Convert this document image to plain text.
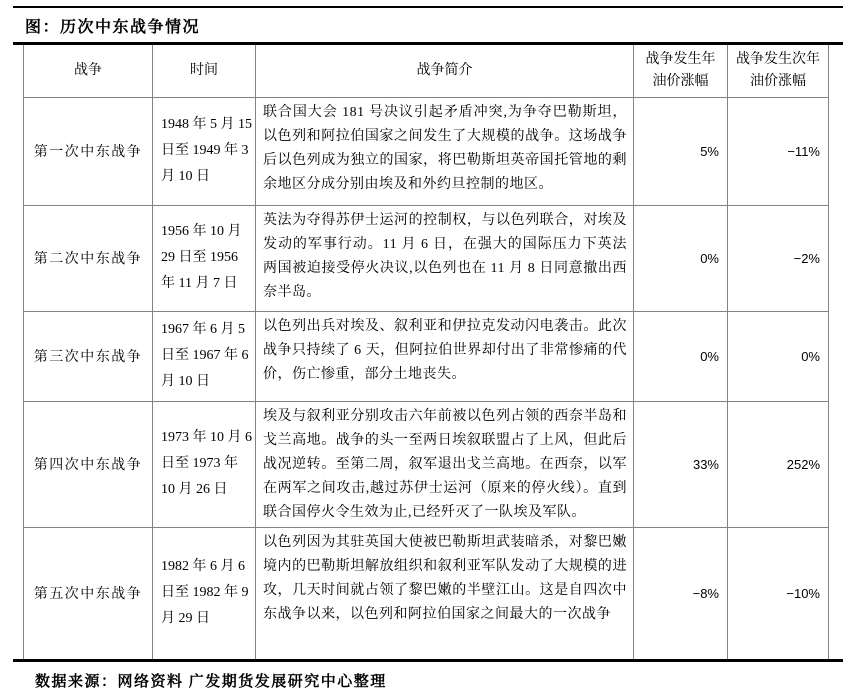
图：历次中东战争情况
战争	时间	战争简介	战争发生年油价涨幅	战争发生次年油价涨幅
第一次中东战争	1948 年 5 月 15 日至 1949 年 3 月 10 日	联合国大会 181 号决议引起矛盾冲突,为争夺巴勒斯坦，以色列和阿拉伯国家之间发生了大规模的战争。这场战争后以色列成为独立的国家，将巴勒斯坦英帝国托管地的剩余地区分成分别由埃及和外约旦控制的地区。	5%	−11%
第二次中东战争	1956 年 10 月 29 日至 1956 年 11 月 7 日	英法为夺得苏伊士运河的控制权，与以色列联合，对埃及发动的军事行动。11 月 6 日，在强大的国际压力下英法两国被迫接受停火决议,以色列也在 11 月 8 日同意撤出西奈半岛。	0%	−2%
第三次中东战争	1967 年 6 月 5 日至 1967 年 6 月 10 日	以色列出兵对埃及、叙利亚和伊拉克发动闪电袭击。此次战争只持续了 6 天，但阿拉伯世界却付出了非常惨痛的代价，伤亡惨重，部分土地丧失。	0%	0%
第四次中东战争	1973 年 10 月 6 日至 1973 年 10 月 26 日	埃及与叙利亚分别攻击六年前被以色列占领的西奈半岛和戈兰高地。战争的头一至两日埃叙联盟占了上风，但此后战况逆转。至第二周，叙军退出戈兰高地。在西奈，以军在两军之间攻击,越过苏伊士运河（原来的停火线）。直到联合国停火令生效为止,已经歼灭了一队埃及军队。	33%	252%
第五次中东战争	1982 年 6 月 6 日至 1982 年 9 月 29 日	以色列因为其驻英国大使被巴勒斯坦武装暗杀，对黎巴嫩境内的巴勒斯坦解放组织和叙利亚军队发动了大规模的进攻，几天时间就占领了黎巴嫩的半壁江山。这是自四次中东战争以来，以色列和阿拉伯国家之间最大的一次战争	−8%	−10%
数据来源：网络资料 广发期货发展研究中心整理
